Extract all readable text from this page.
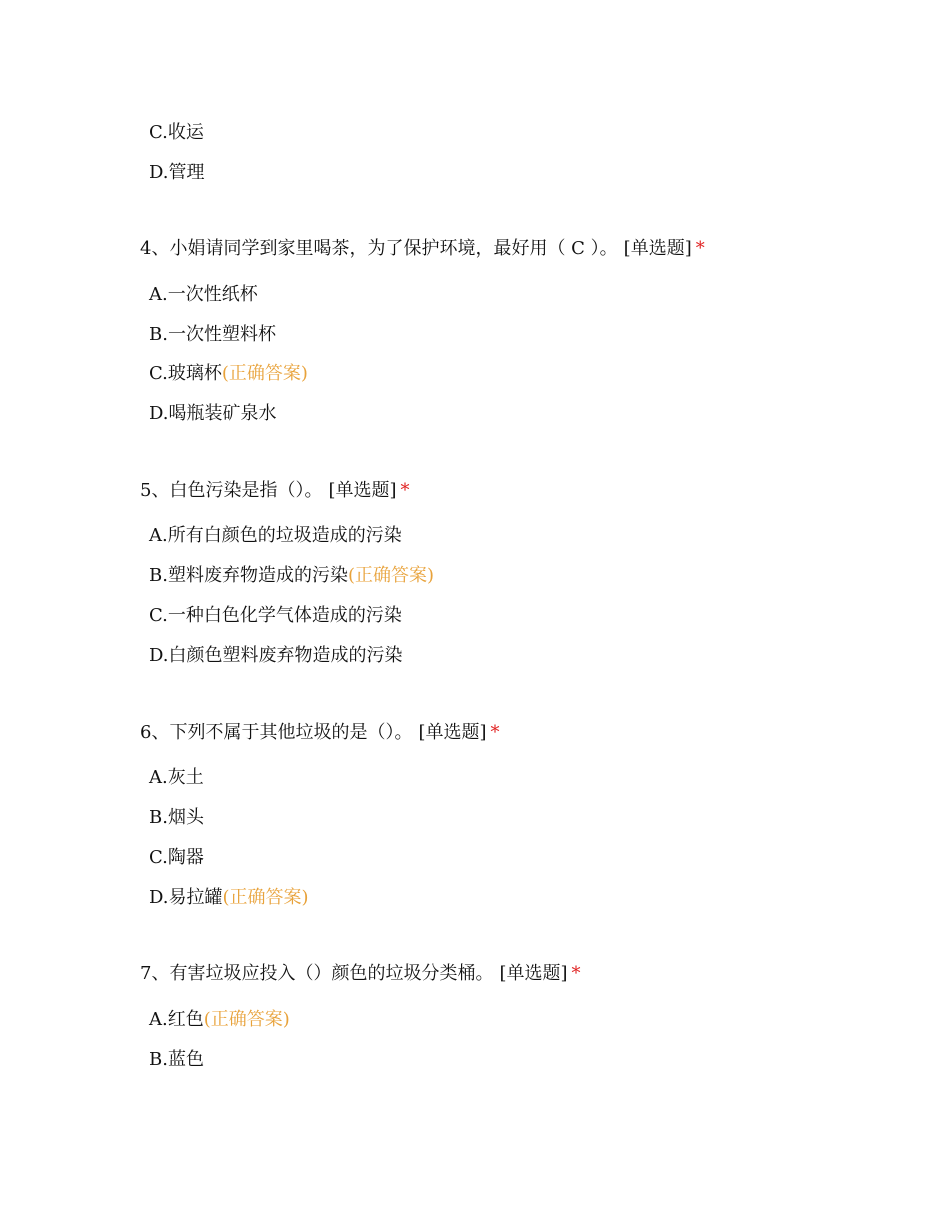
C.收运
D.管理
4、小娟请同学到家里喝茶，为了保护环境，最好用（ C ）。 [单选题] *
A.一次性纸杯
B.一次性塑料杯
C.玻璃杯(正确答案)
D.喝瓶装矿泉水
5、白色污染是指（）。 [单选题] *
A.所有白颜色的垃圾造成的污染
B.塑料废弃物造成的污染(正确答案)
C.一种白色化学气体造成的污染
D.白颜色塑料废弃物造成的污染
6、下列不属于其他垃圾的是（）。 [单选题] *
A.灰土
B.烟头
C.陶器
D.易拉罐(正确答案)
7、有害垃圾应投入（）颜色的垃圾分类桶。 [单选题] *
A.红色(正确答案)
B.蓝色
